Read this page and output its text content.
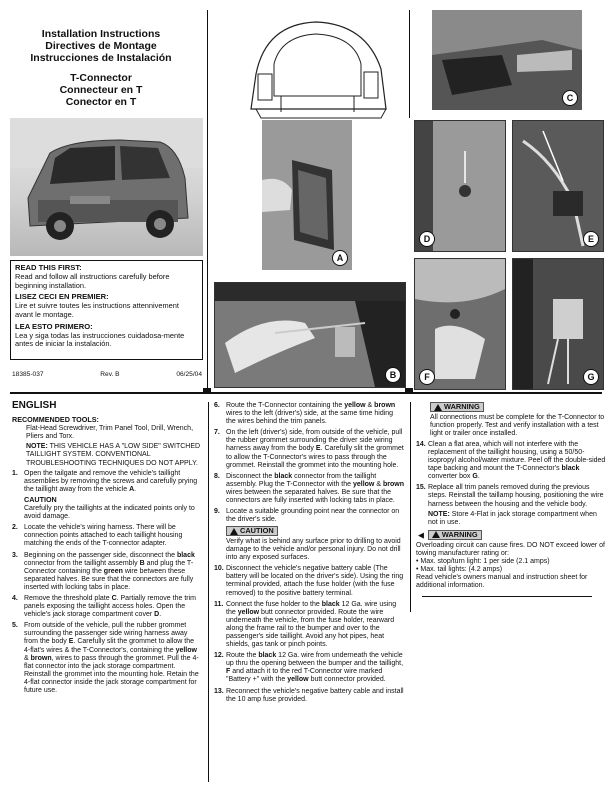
Installation Instructions
Directives de Montage
Instrucciones de Instalación
T-Connector
Connecteur en T
Conector en T
READ THIS FIRST:
Read and follow all instructions carefully before beginning installation.
LISEZ CECI EN PREMIER:
Lire et suivre toutes les instructions attennivement avant le montage.
LEA ESTO PRIMERO:
Lea y siga todas las instrucciones cuidadosa-mente antes de iniciar la instalación.
18385-037	Rev. B	06/25/04
A
B
C
D	E
F	G
ENGLISH
RECOMMENDED TOOLS:

Flat-Head Screwdriver, Trim Panel Tool, Drill, Wrench, Pliers and Torx.

NOTE: THIS VEHICLE HAS A "LOW SIDE" SWITCHED TAILLIGHT SYSTEM. CONVENTIONAL TROUBLESHOOTING TECHNIQUES DO NOT APPLY.

1. Open the tailgate and remove the vehicle's taillight assemblies by removing the screws and carefully prying the taillight away from the vehicle A.
CAUTION
Carefully pry the taillights at the indicated points only to avoid damage.
2. Locate the vehicle's wiring harness. There will be connection points attached to each taillight housing matching the ends of the T-connector adapter.
3. Beginning on the passenger side, disconnect the black connector from the taillight assembly B and plug the T-Connector containing the green wire between these separated halves. Be sure that the connectors are fully inserted with locking tabs in place.
4. Remove the threshold plate C. Partially remove the trim panels exposing the taillight access holes. Open the vehicle's jack storage compartment cover D.
5. From outside of the vehicle, pull the rubber grommet surrounding the passenger side wiring harness away from the body E. Carefully slit the grommet to allow the 4-flat's wires & the T-Connector's, containing the yellow & brown, wires to pass through the grommet. Pull the 4-flat connector into the jack storage compartment. Reinstall the grommet into the mounting hole. Retain the 4-flat connector inside the jack storage compartment for future use.
6. Route the T-Connector containing the yellow & brown wires to the left (driver's) side, at the same time hiding the wires behind the trim panels.
7. On the left (driver's) side, from outside of the vehicle, pull the rubber grommet surrounding the driver side wiring harness away from the body E. Carefully slit the grommet to allow the T-Connector's wires to pass through the grommet. Reinstall the grommet into the mounting hole.
8. Disconnect the black connector from the taillight assembly. Plug the T-Connector with the yellow & brown wires between the separated halves. Be sure that the connectors are fully inserted with locking tabs in place.
9. Locate a suitable grounding point near the connector on the driver's side.
CAUTION
Verify what is behind any surface prior to drilling to avoid damage to the vehicle and/or personal injury. Do not drill into any exposed surfaces.
10. Disconnect the vehicle's negative battery cable (The battery will be located on the driver's side). Using the ring terminal provided, attach the fuse holder (with the fuse removed) to the positive battery terminal.
11. Connect the fuse holder to the black 12 Ga. wire using the yellow butt connector provided. Route the wire underneath the vehicle, from the fuse holder, rearward along the frame rail to the bumper and over to the passenger's side taillight. Avoid any hot pipes, heat shields, gas tank or pinch points.
12. Route the black 12 Ga. wire from underneath the vehicle up thru the opening between the bumper and the taillight, F and attach it to the red T-Connector wire marked "Battery +" with the yellow butt connector provided.
13. Reconnect the vehicle's negative battery cable and install the 10 amp fuse provided.
WARNING
All connections must be complete for the T-Connector to function properly. Test and verify installation with a test light or trailer once installed.
14. Clean a flat area, which will not interfere with the replacement of the taillight housing, using a 50/50-isopropyl alcohol/water mixture. Peel off the double-sided tape backing and mount the T-Connector's black converter box G.
15. Replace all trim panels removed during the previous steps. Reinstall the taillamp housing, positioning the wire harness between the housing and the vehicle body.
NOTE: Store 4-Flat in jack storage compartment when not in use.
◄ WARNING
Overloading circuit can cause fires. DO NOT exceed lower of towing manufacturer rating or:
• Max. stop/turn light: 1 per side (2.1 amps)
• Max. tail lights: (4.2 amps)
Read vehicle's owners manual and instruction sheet for additional information.
